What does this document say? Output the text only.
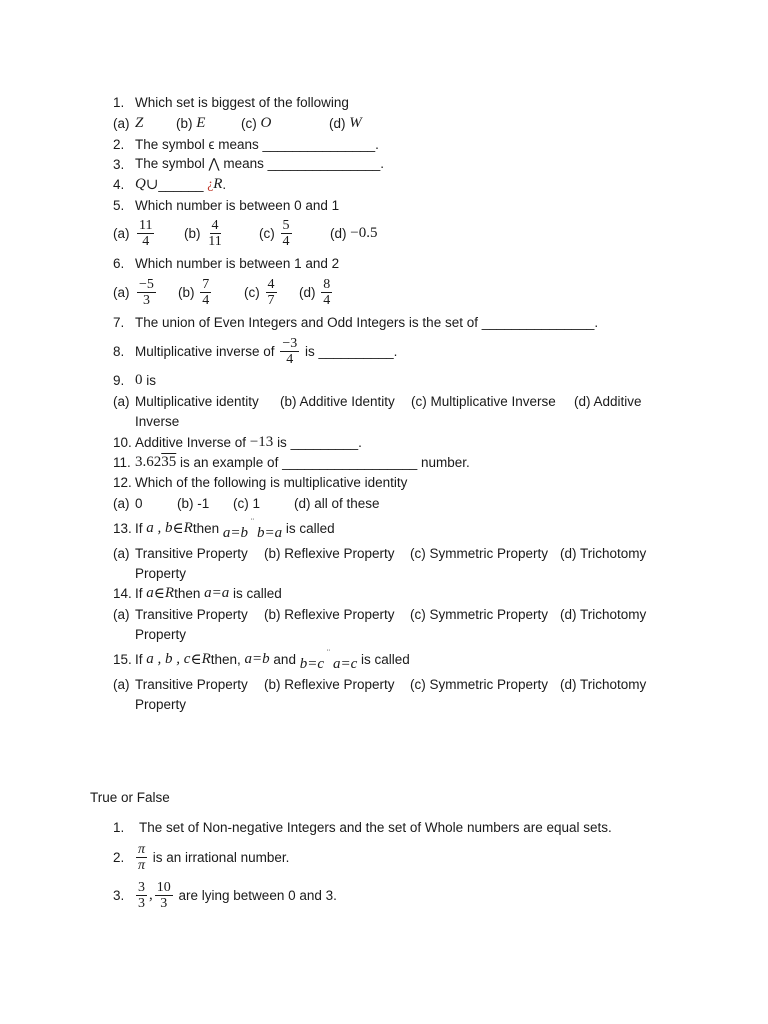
1. Which set is biggest of the following
(a) Z (b)
E	(c)
O	(d)
W
2. The symbol ϵ means _______________.
3. The symbol ⋀ means _______________.
4. Q ∪ ______
¿ R .
5. Which number is between 0 and 1
$(a) \frac{11}{4} (b)$
$\frac{4}{11}$	(c)
$\frac{5}{4}$	(d)
−0.5
6. Which number is between 1 and 2
$(a) \frac{-5}{3} (b)$
$\frac{7}{4} (c)$
$\frac{4}{7} (d)$
$\frac{8}{4}$
7. The union of Even Integers and Odd Integers is the set of _______________.
8. Multiplicative inverse of
$\frac{-3}{4}$
is __________.
9. 0
is
(a) Multiplicative identity (b) Additive Identity (c) Multiplicative Inverse (d) Additive
Inverse
10. Additive Inverse of
−13
is _________.
11. 3.62 35
is an example of __________________ number.
12. Which of the following is multiplicative identity
(a) 0	(b) -1 (c) 1	(d) all of these
13. If
a , b ∈ R then
a=b
¨
b=a
is called
(a) Transitive Property (b) Reflexive Property (c) Symmetric Property (d) Trichotomy
Property
14. If
a ∈ R then
a=a
is called
(a) Transitive Property (b) Reflexive Property (c) Symmetric Property (d) Trichotomy
Property
15. If
a , b , c ∈ R then,
a=b
and
b=c
¨
a=c
is called
(a) Transitive Property (b) Reflexive Property (c) Symmetric Property (d) Trichotomy
Property
True or False
1. The set of Non-negative Integers and the set of Whole numbers are equal sets.
2. $\frac{\pi}{\pi}$
is an irrational number.
3. $\frac{3}{3}$ , $\frac{10}{3}$
are lying between 0 and 3.
